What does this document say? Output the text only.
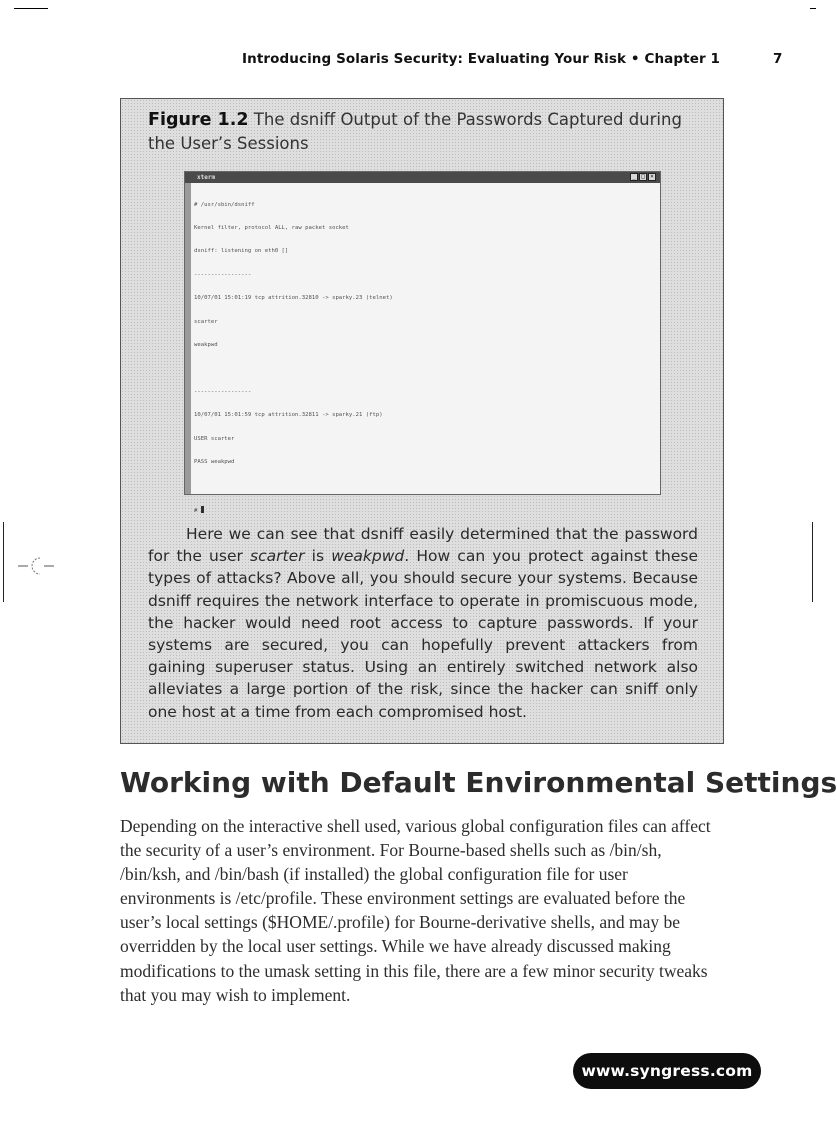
Introducing Solaris Security: Evaluating Your Risk • Chapter 1	7
Figure 1.2 The dsniff Output of the Passwords Captured during the User’s Sessions
xterm	_ □ ×

# /usr/sbin/dsniff

Kernel filter, protocol ALL, raw packet socket

dsniff: listening on eth0 []

-----------------

10/07/01 15:01:19 tcp attrition.32810 -> sparky.23 (telnet)

scarter

weakpwd

-----------------

10/07/01 15:01:59 tcp attrition.32811 -> sparky.21 (ftp)

USER scarter

PASS weakpwd

#

Here we can see that dsniff easily determined that the password for the user scarter is weakpwd. How can you protect against these types of attacks? Above all, you should secure your systems. Because dsniff requires the network interface to operate in promiscuous mode, the hacker would need root access to capture passwords. If your systems are secured, you can hopefully prevent attackers from gaining superuser status. Using an entirely switched network also alleviates a large portion of the risk, since the hacker can sniff only one host at a time from each compromised host.

Working with Default Environmental Settings

Depending on the interactive shell used, various global configuration files can affect the security of a user’s environment. For Bourne-based shells such as /bin/sh, /bin/ksh, and /bin/bash (if installed) the global configuration file for user environments is /etc/profile. These environment settings are evaluated before the user’s local settings ($HOME/.profile) for Bourne-derivative shells, and may be overridden by the local user settings. While we have already discussed making modifications to the umask setting in this file, there are a few minor security tweaks that you may wish to implement.

www.syngress.com
